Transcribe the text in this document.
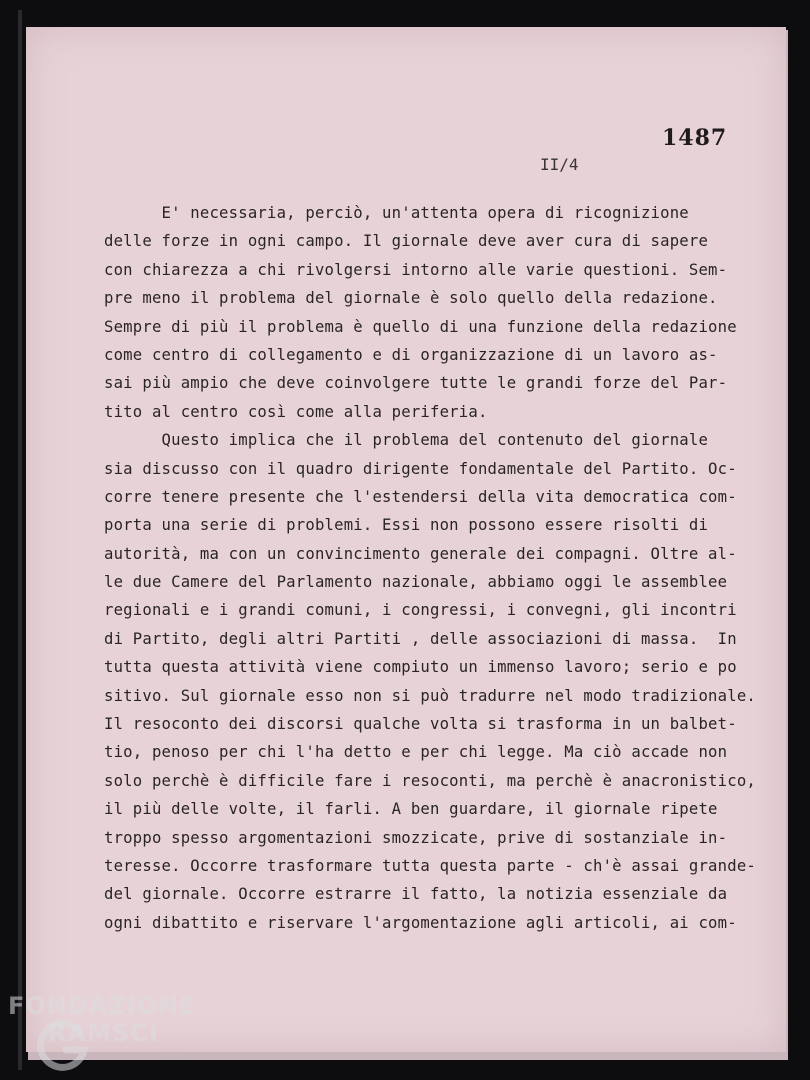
1487
II/4
E' necessaria, perciò, un'attenta opera di ricognizione
delle forze in ogni campo. Il giornale deve aver cura di sapere
con chiarezza a chi rivolgersi intorno alle varie questioni. Sem-
pre meno il problema del giornale è solo quello della redazione.
Sempre di più il problema è quello di una funzione della redazione
come centro di collegamento e di organizzazione di un lavoro as-
sai più ampio che deve coinvolgere tutte le grandi forze del Par-
tito al centro così come alla periferia.
Questo implica che il problema del contenuto del giornale
sia discusso con il quadro dirigente fondamentale del Partito. Oc-
corre tenere presente che l'estendersi della vita democratica com-
porta una serie di problemi. Essi non possono essere risolti di
autorità, ma con un convincimento generale dei compagni. Oltre al-
le due Camere del Parlamento nazionale, abbiamo oggi le assemblee
regionali e i grandi comuni, i congressi, i convegni, gli incontri
di Partito, degli altri Partiti , delle associazioni di massa.  In
tutta questa attività viene compiuto un immenso lavoro; serio e po
sitivo. Sul giornale esso non si può tradurre nel modo tradizionale.
Il resoconto dei discorsi qualche volta si trasforma in un balbet-
tio, penoso per chi l'ha detto e per chi legge. Ma ciò accade non
solo perchè è difficile fare i resoconti, ma perchè è anacronistico,
il più delle volte, il farli. A ben guardare, il giornale ripete
troppo spesso argomentazioni smozzicate, prive di sostanziale in-
teresse. Occorre trasformare tutta questa parte - ch'è assai grande-
del giornale. Occorre estrarre il fatto, la notizia essenziale da
ogni dibattito e riservare l'argomentazione agli articoli, ai com-
FONDAZIONE
RAMSCI
onlus
